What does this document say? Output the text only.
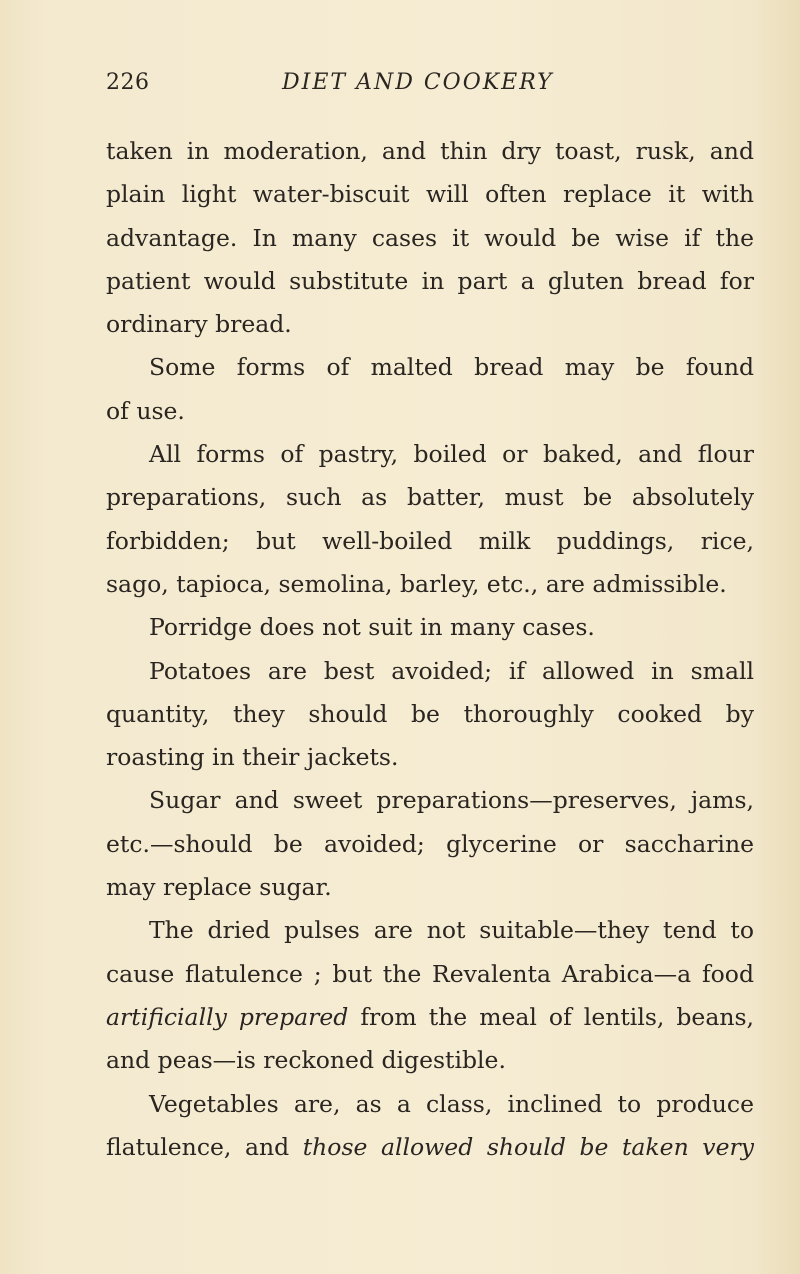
226	DIET AND COOKERY
taken in moderation, and thin dry toast, rusk, and
plain light water-biscuit will often replace it with
advantage. In many cases it would be wise if the
patient would substitute in part a gluten bread for
ordinary bread.
Some forms of malted bread may be found
of use.
All forms of pastry, boiled or baked, and flour
preparations, such as batter, must be absolutely
forbidden; but well-boiled milk puddings, rice,
sago, tapioca, semolina, barley, etc., are admissible.
Porridge does not suit in many cases.
Potatoes are best avoided; if allowed in small
quantity, they should be thoroughly cooked by
roasting in their jackets.
Sugar and sweet preparations—preserves, jams,
etc.—should be avoided; glycerine or saccharine
may replace sugar.
The dried pulses are not suitable—they tend to
cause flatulence ; but the Revalenta Arabica—a food
artificially prepared from the meal of lentils, beans,
and peas—is reckoned digestible.
Vegetables are, as a class, inclined to produce
flatulence, and those allowed should be taken very
